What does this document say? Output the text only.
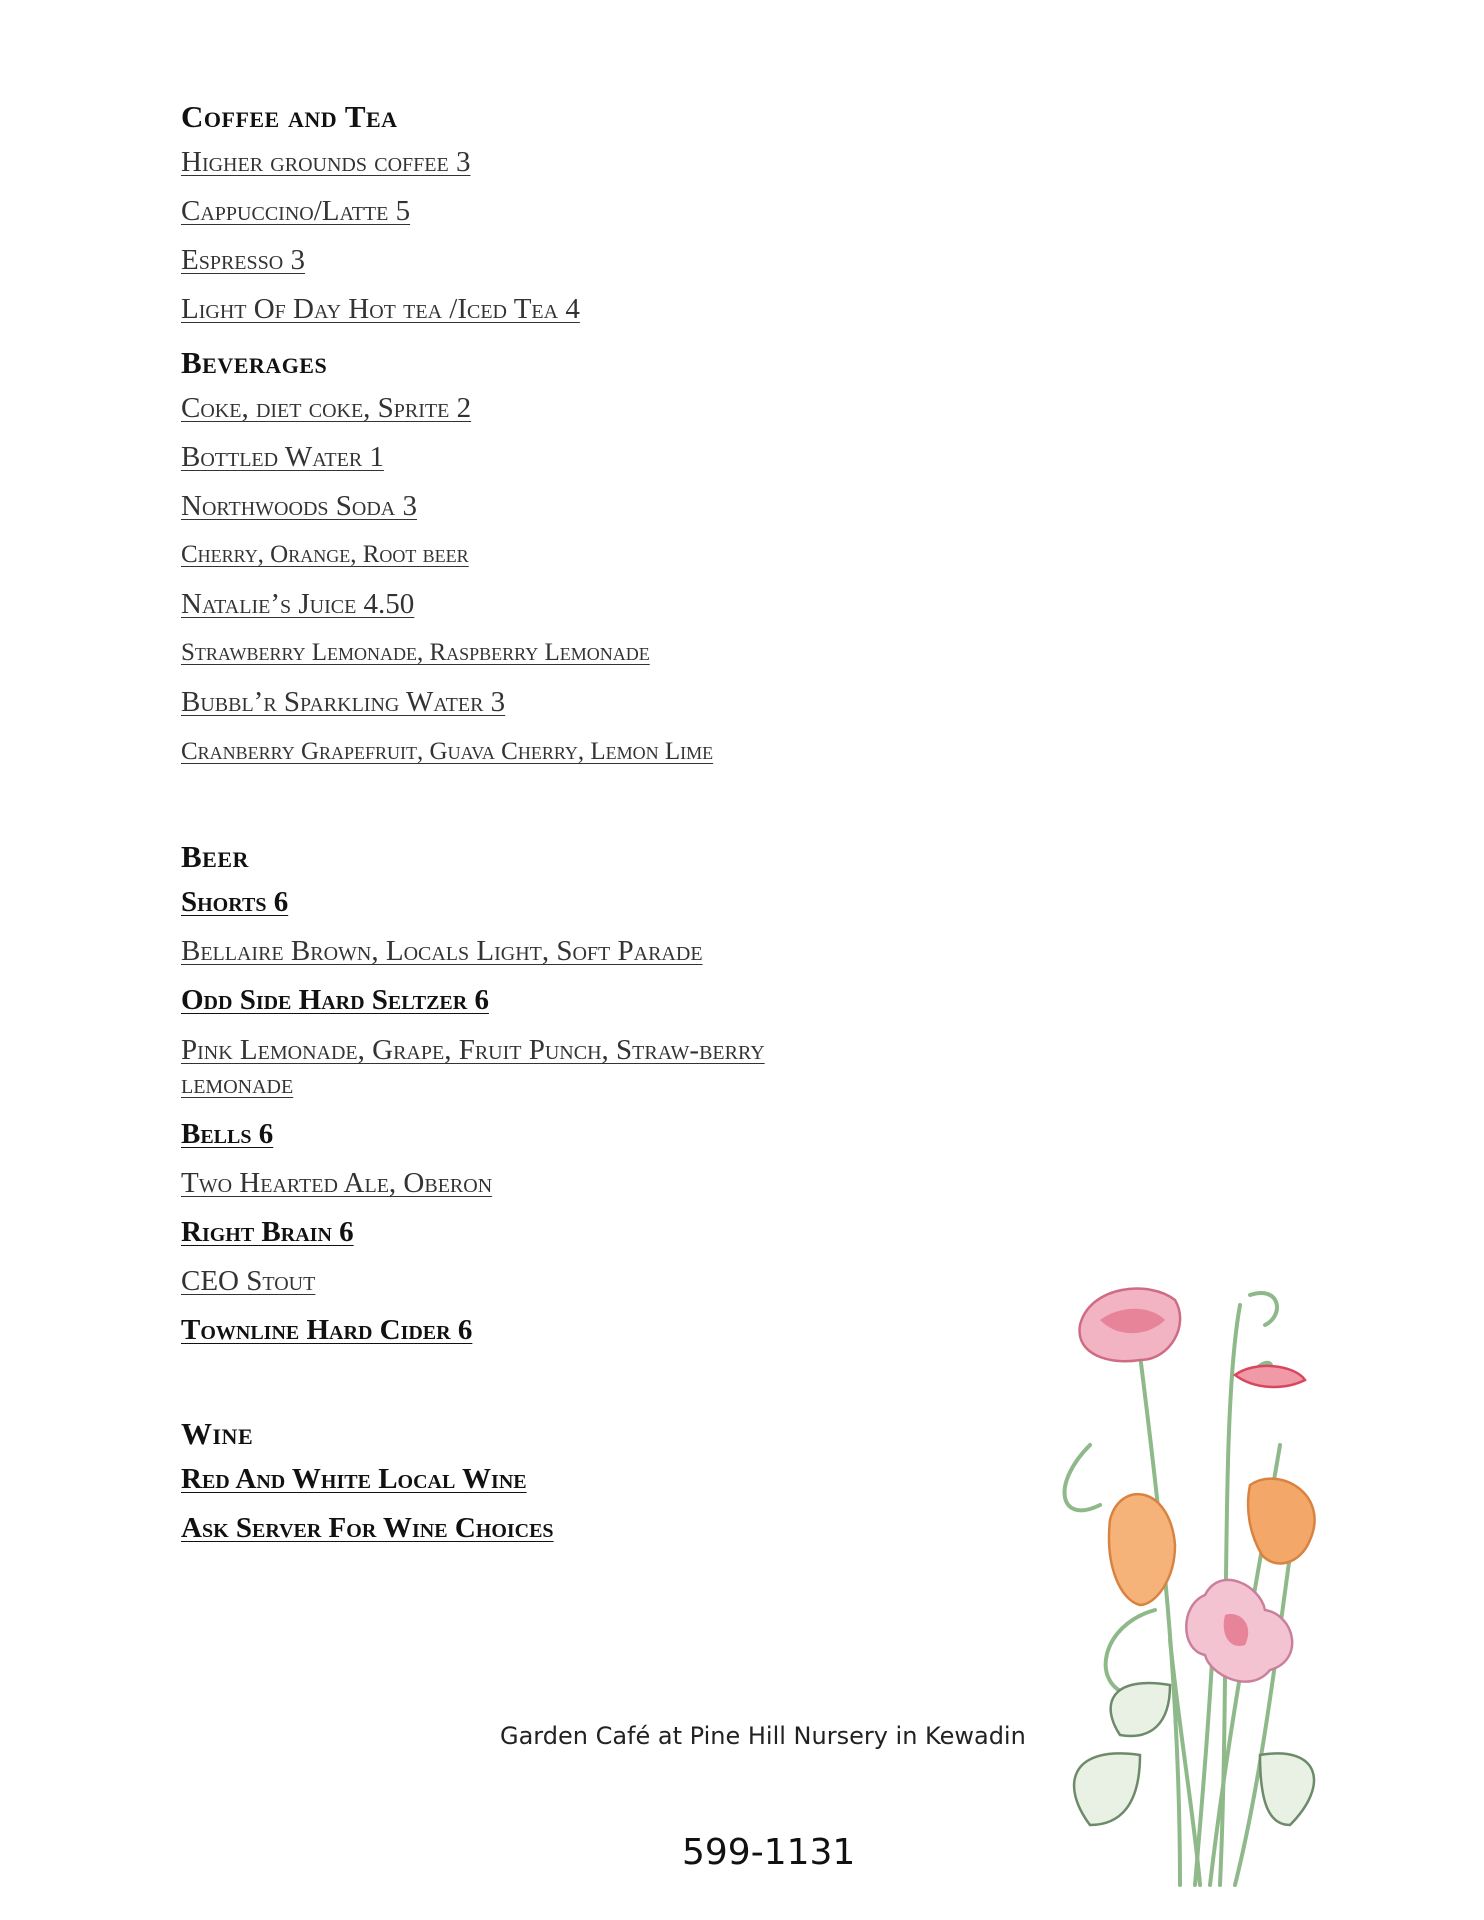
Coffee and Tea
Higher grounds coffee 3
Cappuccino/Latte 5
Espresso 3
Light Of Day Hot tea /Iced Tea 4
Beverages
Coke, diet coke, Sprite 2
Bottled Water 1
Northwoods Soda 3
Cherry, Orange, Root beer
Natalie’s Juice 4.50
Strawberry Lemonade, Raspberry Lemonade
Bubbl’r Sparkling Water 3
Cranberry Grapefruit, Guava Cherry, Lemon Lime
Beer
Shorts 6
Bellaire Brown, Locals Light, Soft Parade
Odd Side Hard Seltzer 6
Pink Lemonade, Grape, Fruit Punch, Straw-berry lemonade
Bells 6
Two Hearted Ale, Oberon
Right Brain 6
CEO Stout
Townline Hard Cider 6
Wine
Red And White Local Wine
Ask Server For Wine Choices
Garden Café at Pine Hill Nursery in Kewadin
599-1131
